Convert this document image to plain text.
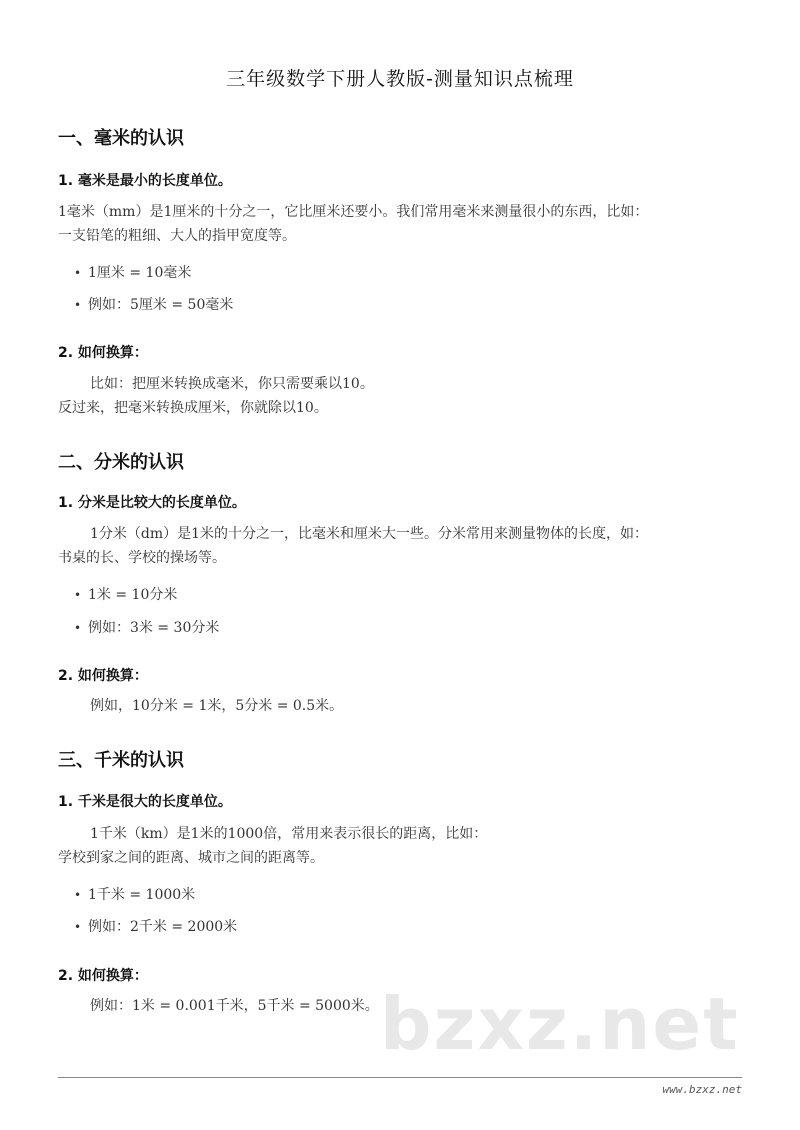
三年级数学下册人教版-测量知识点梳理
一、毫米的认识
1. 毫米是最小的长度单位。
1毫米（mm）是1厘米的十分之一，它比厘米还要小。我们常用毫米来测量很小的东西，比如：
一支铅笔的粗细、大人的指甲宽度等。
• 1厘米 = 10毫米
• 例如：5厘米 = 50毫米
2. 如何换算：
比如：把厘米转换成毫米，你只需要乘以10。
反过来，把毫米转换成厘米，你就除以10。
二、分米的认识
1. 分米是比较大的长度单位。
1分米（dm）是1米的十分之一，比毫米和厘米大一些。分米常用来测量物体的长度，如：
书桌的长、学校的操场等。
• 1米 = 10分米
• 例如：3米 = 30分米
2. 如何换算：
例如，10分米 = 1米，5分米 = 0.5米。
三、千米的认识
1. 千米是很大的长度单位。
1千米（km）是1米的1000倍，常用来表示很长的距离，比如：
学校到家之间的距离、城市之间的距离等。
• 1千米 = 1000米
• 例如：2千米 = 2000米
2. 如何换算：
例如：1米 = 0.001千米，5千米 = 5000米。 bzxz.net
www.bzxz.net
